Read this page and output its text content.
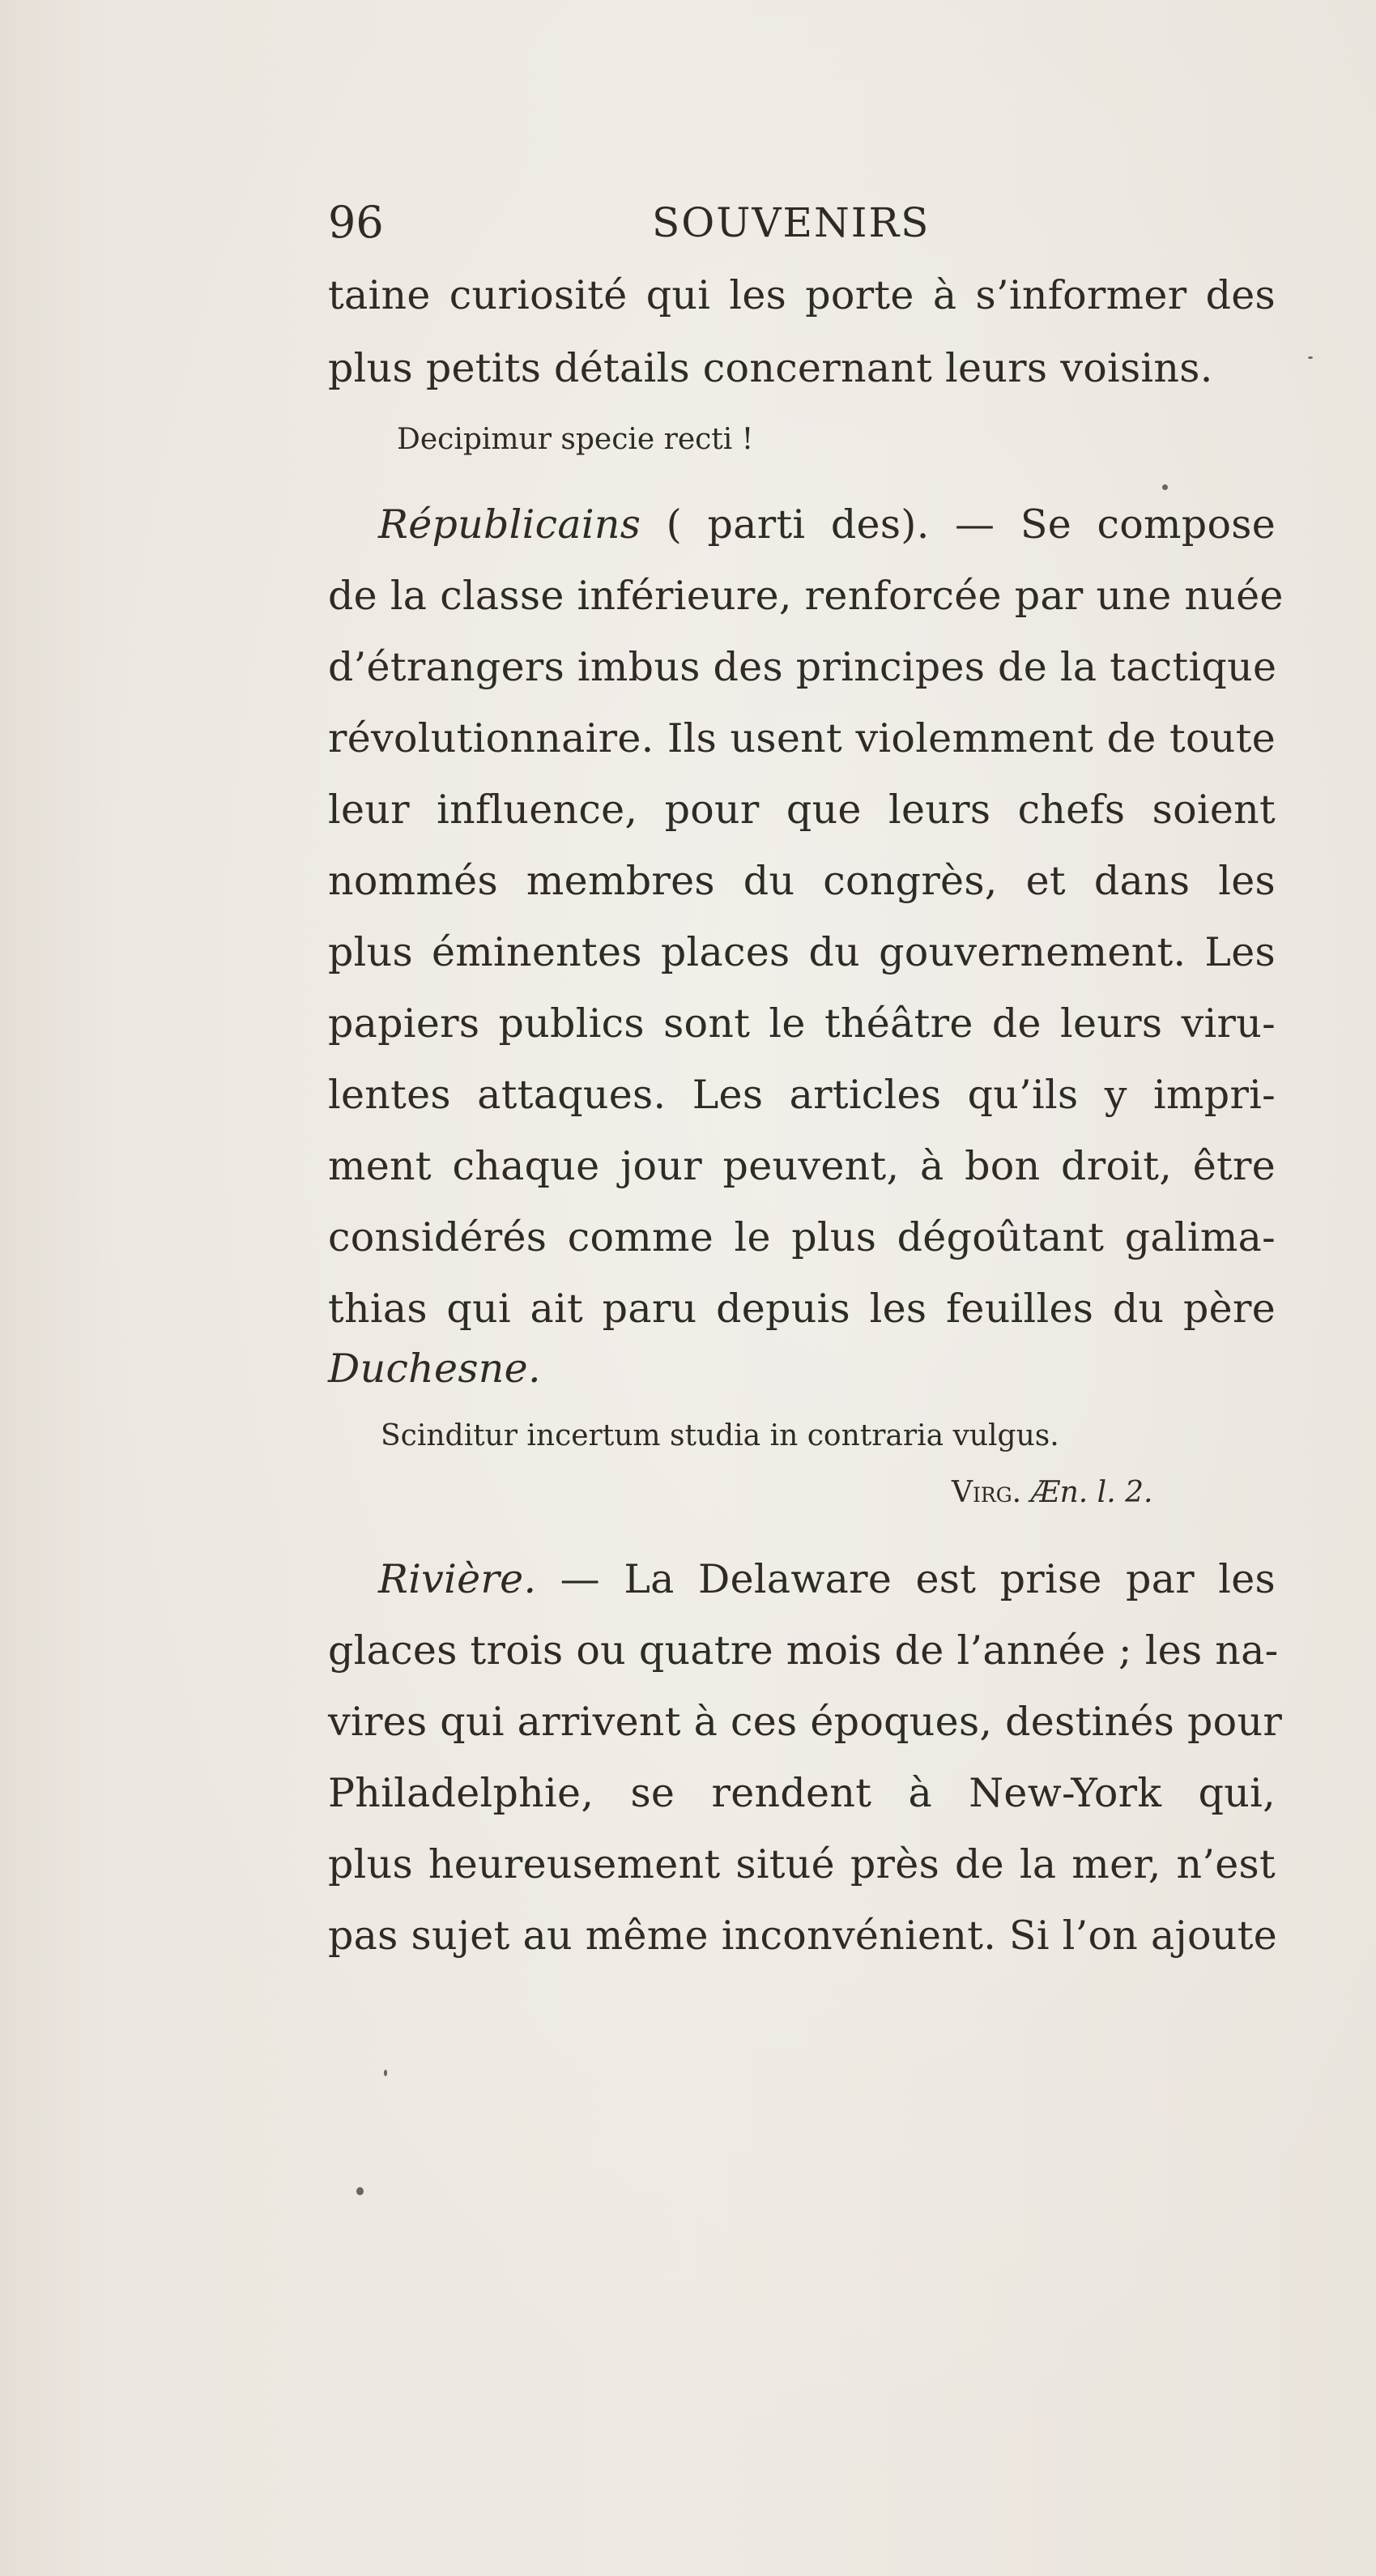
96	SOUVENIRS
taine curiosité qui les porte à s’informer des
plus petits détails concernant leurs voisins.
Decipimur specie recti !
Républicains ( parti des). — Se compose
de la classe inférieure, renforcée par une nuée
d’étrangers imbus des principes de la tactique
révolutionnaire. Ils usent violemment de toute
leur influence, pour que leurs chefs soient
nommés membres du congrès, et dans les
plus éminentes places du gouvernement. Les
papiers publics sont le théâtre de leurs viru-
lentes attaques. Les articles qu’ils y impri-
ment chaque jour peuvent, à bon droit, être
considérés comme le plus dégoûtant galima-
thias qui ait paru depuis les feuilles du père
Duchesne.
Scinditur incertum studia in contraria vulgus.
Virg. Æn. l. 2.
Rivière. — La Delaware est prise par les
glaces trois ou quatre mois de l’année ; les na-
vires qui arrivent à ces époques, destinés pour
Philadelphie, se rendent à New-York qui,
plus heureusement situé près de la mer, n’est
pas sujet au même inconvénient. Si l’on ajoute
